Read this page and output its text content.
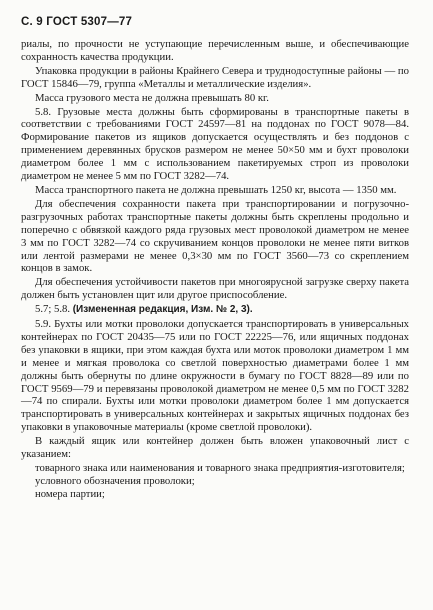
С. 9 ГОСТ 5307—77

риалы, по прочности не уступающие перечисленным выше, и обеспечивающие сохранность качества продукции.

Упаковка продукции в районы Крайнего Севера и труднодоступные районы — по ГОСТ 15846—79, группа «Металлы и металлические изделия».

Масса грузового места не должна превышать 80 кг.

5.8. Грузовые места должны быть сформированы в транспортные пакеты в соответствии с требованиями ГОСТ 24597—81 на поддонах по ГОСТ 9078—84. Формирование пакетов из ящиков допускается осуществлять и без поддонов с применением деревянных брусков размером не менее 50×50 мм и бухт проволоки диаметром более 1 мм с использованием пакетируемых строп из проволоки диаметром не менее 5 мм по ГОСТ 3282—74.

Масса транспортного пакета не должна превышать 1250 кг, высота — 1350 мм.

Для обеспечения сохранности пакета при транспортировании и погрузочно-разгрузочных работах транспортные пакеты должны быть скреплены продольно и поперечно с обвязкой каждого ряда грузовых мест проволокой диаметром не менее 3 мм по ГОСТ 3282—74 со скручиванием концов проволоки не менее пяти витков или лентой размерами не менее 0,3×30 мм по ГОСТ 3560—73 со скреплением концов в замок.

Для обеспечения устойчивости пакетов при многоярусной загрузке сверху пакета должен быть установлен щит или другое приспособление.

5.7; 5.8. (Измененная редакция, Изм. № 2, 3).

5.9. Бухты или мотки проволоки допускается транспортировать в универсальных контейнерах по ГОСТ 20435—75 или по ГОСТ 22225—76, или ящичных поддонах без упаковки в ящики, при этом каждая бухта или моток проволоки диаметром 1 мм и менее и мягкая проволока со светлой поверхностью диаметрами более 1 мм должны быть обернуты по длине окружности в бумагу по ГОСТ 8828—89 или по ГОСТ 9569—79 и перевязаны проволокой диаметром не менее 0,5 мм по ГОСТ 3282—74 по спирали. Бухты или мотки проволоки диаметром более 1 мм допускается транспортировать в универсальных контейнерах и закрытых ящичных поддонах без упаковки в упаковочные материалы (кроме светлой проволоки).

В каждый ящик или контейнер должен быть вложен упаковочный лист с указанием:

товарного знака или наименования и товарного знака предприятия-изготовителя;

условного обозначения проволоки;

номера партии;
